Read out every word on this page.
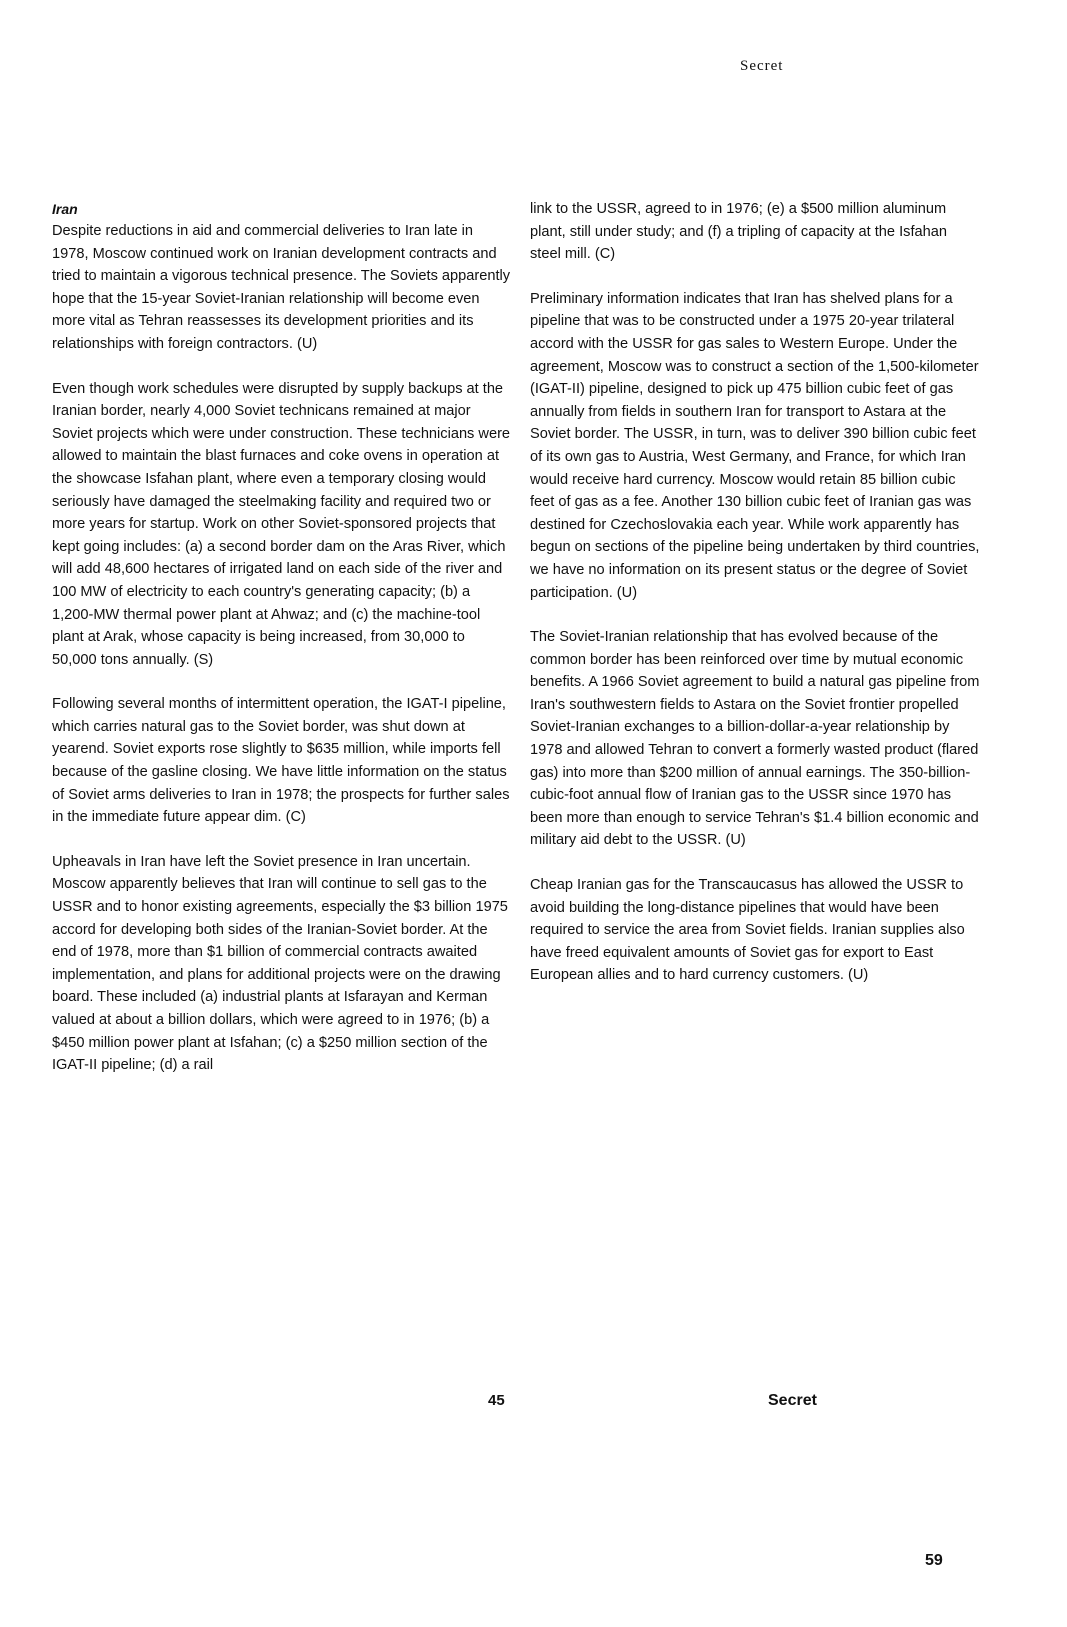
Secret
Iran

Despite reductions in aid and commercial deliveries to Iran late in 1978, Moscow continued work on Iranian development contracts and tried to maintain a vigorous technical presence. The Soviets apparently hope that the 15-year Soviet-Iranian relationship will become even more vital as Tehran reassesses its development priorities and its relationships with foreign contractors. (U)

Even though work schedules were disrupted by supply backups at the Iranian border, nearly 4,000 Soviet technicans remained at major Soviet projects which were under construction. These technicians were allowed to maintain the blast furnaces and coke ovens in operation at the showcase Isfahan plant, where even a temporary closing would seriously have damaged the steelmaking facility and required two or more years for startup. Work on other Soviet-sponsored projects that kept going includes: (a) a second border dam on the Aras River, which will add 48,600 hectares of irrigated land on each side of the river and 100 MW of electricity to each country's generating capacity; (b) a 1,200-MW thermal power plant at Ahwaz; and (c) the machine-tool plant at Arak, whose capacity is being increased, from 30,000 to 50,000 tons annually. (S)

Following several months of intermittent operation, the IGAT-I pipeline, which carries natural gas to the Soviet border, was shut down at yearend. Soviet exports rose slightly to $635 million, while imports fell because of the gasline closing. We have little information on the status of Soviet arms deliveries to Iran in 1978; the prospects for further sales in the immediate future appear dim. (C)

Upheavals in Iran have left the Soviet presence in Iran uncertain. Moscow apparently believes that Iran will continue to sell gas to the USSR and to honor existing agreements, especially the $3 billion 1975 accord for developing both sides of the Iranian-Soviet border. At the end of 1978, more than $1 billion of commercial contracts awaited implementation, and plans for additional projects were on the drawing board. These included (a) industrial plants at Isfarayan and Kerman valued at about a billion dollars, which were agreed to in 1976; (b) a $450 million power plant at Isfahan; (c) a $250 million section of the IGAT-II pipeline; (d) a rail

link to the USSR, agreed to in 1976; (e) a $500 million aluminum plant, still under study; and (f) a tripling of capacity at the Isfahan steel mill. (C)

Preliminary information indicates that Iran has shelved plans for a pipeline that was to be constructed under a 1975 20-year trilateral accord with the USSR for gas sales to Western Europe. Under the agreement, Moscow was to construct a section of the 1,500-kilometer (IGAT-II) pipeline, designed to pick up 475 billion cubic feet of gas annually from fields in southern Iran for transport to Astara at the Soviet border. The USSR, in turn, was to deliver 390 billion cubic feet of its own gas to Austria, West Germany, and France, for which Iran would receive hard currency. Moscow would retain 85 billion cubic feet of gas as a fee. Another 130 billion cubic feet of Iranian gas was destined for Czechoslovakia each year. While work apparently has begun on sections of the pipeline being undertaken by third countries, we have no information on its present status or the degree of Soviet participation. (U)

The Soviet-Iranian relationship that has evolved because of the common border has been reinforced over time by mutual economic benefits. A 1966 Soviet agreement to build a natural gas pipeline from Iran's southwestern fields to Astara on the Soviet frontier propelled Soviet-Iranian exchanges to a billion-dollar-a-year relationship by 1978 and allowed Tehran to convert a formerly wasted product (flared gas) into more than $200 million of annual earnings. The 350-billion-cubic-foot annual flow of Iranian gas to the USSR since 1970 has been more than enough to service Tehran's $1.4 billion economic and military aid debt to the USSR. (U)

Cheap Iranian gas for the Transcaucasus has allowed the USSR to avoid building the long-distance pipelines that would have been required to service the area from Soviet fields. Iranian supplies also have freed equivalent amounts of Soviet gas for export to East European allies and to hard currency customers. (U)

45	Secret
59
